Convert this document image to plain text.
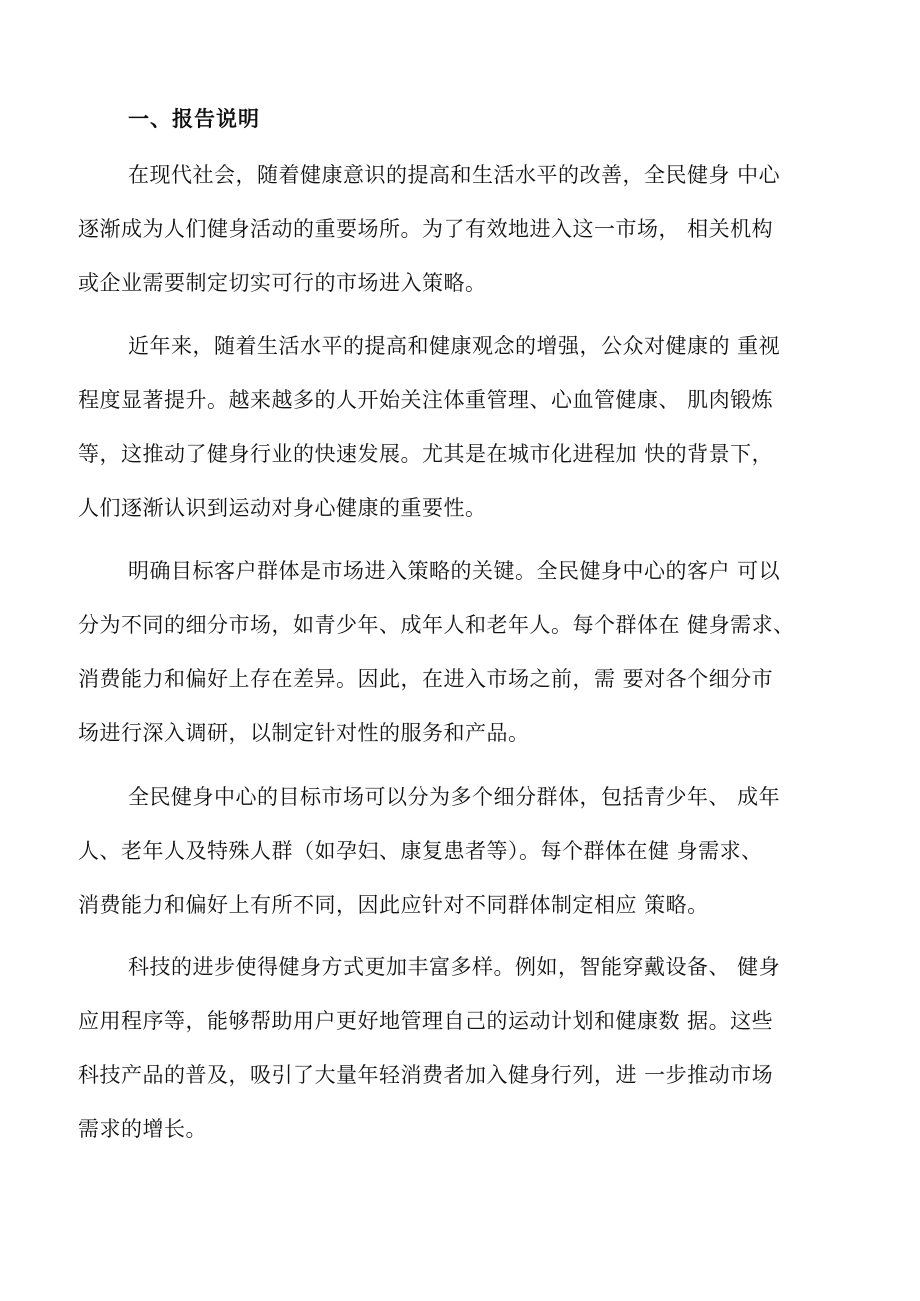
一、报告说明
在现代社会，随着健康意识的提高和生活水平的改善，全民健身 中心
逐渐成为人们健身活动的重要场所。为了有效地进入这一市场， 相关机构
或企业需要制定切实可行的市场进入策略。
近年来，随着生活水平的提高和健康观念的增强，公众对健康的 重视
程度显著提升。越来越多的人开始关注体重管理、心血管健康、 肌肉锻炼
等，这推动了健身行业的快速发展。尤其是在城市化进程加 快的背景下，
人们逐渐认识到运动对身心健康的重要性。
明确目标客户群体是市场进入策略的关键。全民健身中心的客户 可以
分为不同的细分市场，如青少年、成年人和老年人。每个群体在 健身需求、
消费能力和偏好上存在差异。因此，在进入市场之前，需 要对各个细分市
场进行深入调研，以制定针对性的服务和产品。
全民健身中心的目标市场可以分为多个细分群体，包括青少年、 成年
人、老年人及特殊人群（如孕妇、康复患者等）。每个群体在健 身需求、
消费能力和偏好上有所不同，因此应针对不同群体制定相应 策略。
科技的进步使得健身方式更加丰富多样。例如，智能穿戴设备、 健身
应用程序等，能够帮助用户更好地管理自己的运动计划和健康数 据。这些
科技产品的普及，吸引了大量年轻消费者加入健身行列，进 一步推动市场
需求的增长。
